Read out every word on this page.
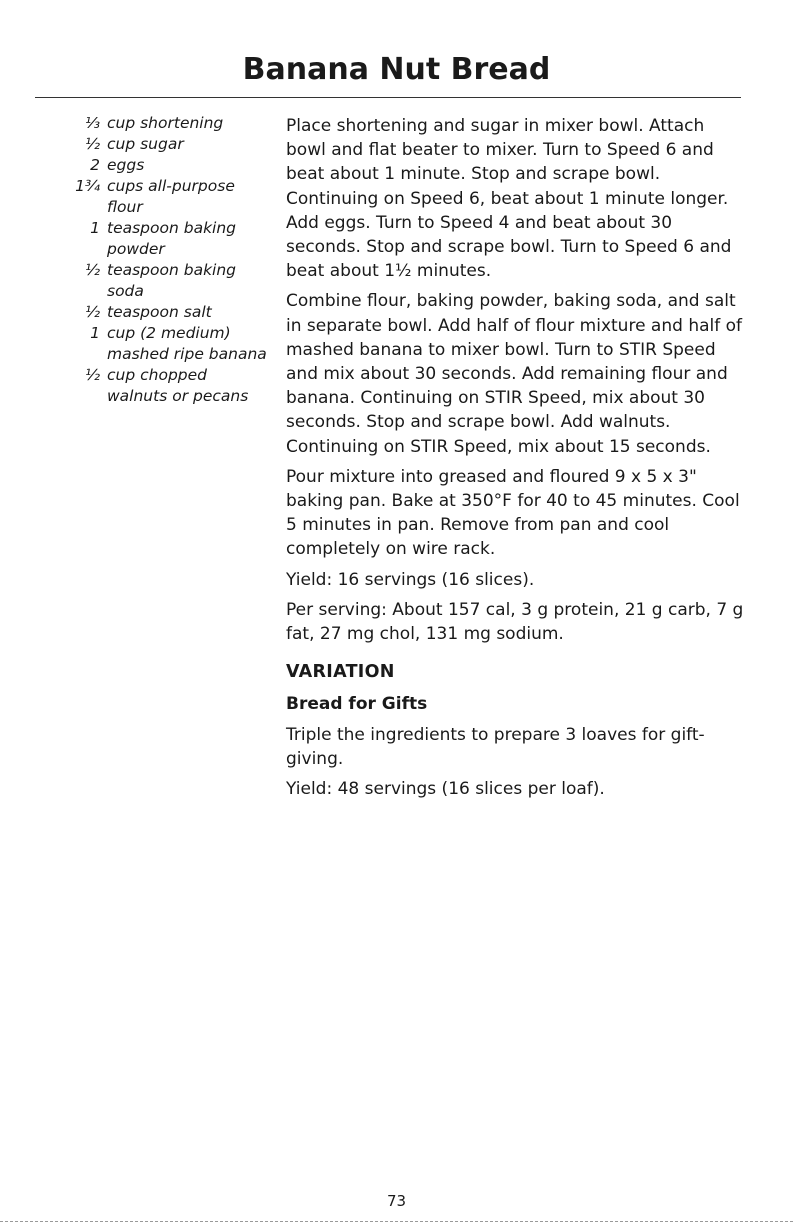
Banana Nut Bread
⅓ cup shortening
½ cup sugar
2 eggs
1¾ cups all-purpose flour
1 teaspoon baking powder
½ teaspoon baking soda
½ teaspoon salt
1 cup (2 medium) mashed ripe banana
½ cup chopped walnuts or pecans

Place shortening and sugar in mixer bowl. Attach bowl and flat beater to mixer. Turn to Speed 6 and beat about 1 minute. Stop and scrape bowl. Continuing on Speed 6, beat about 1 minute longer. Add eggs. Turn to Speed 4 and beat about 30 seconds. Stop and scrape bowl. Turn to Speed 6 and beat about 1½ minutes.

Combine flour, baking powder, baking soda, and salt in separate bowl. Add half of flour mixture and half of mashed banana to mixer bowl. Turn to STIR Speed and mix about 30 seconds. Add remaining flour and banana. Continuing on STIR Speed, mix about 30 seconds. Stop and scrape bowl. Add walnuts. Continuing on STIR Speed, mix about 15 seconds.

Pour mixture into greased and floured 9 x 5 x 3" baking pan. Bake at 350°F for 40 to 45 minutes. Cool 5 minutes in pan. Remove from pan and cool completely on wire rack.

Yield: 16 servings (16 slices).

Per serving: About 157 cal, 3 g protein, 21 g carb, 7 g fat, 27 mg chol, 131 mg sodium.

VARIATION
Bread for Gifts

Triple the ingredients to prepare 3 loaves for gift-giving.

Yield: 48 servings (16 slices per loaf).

73
